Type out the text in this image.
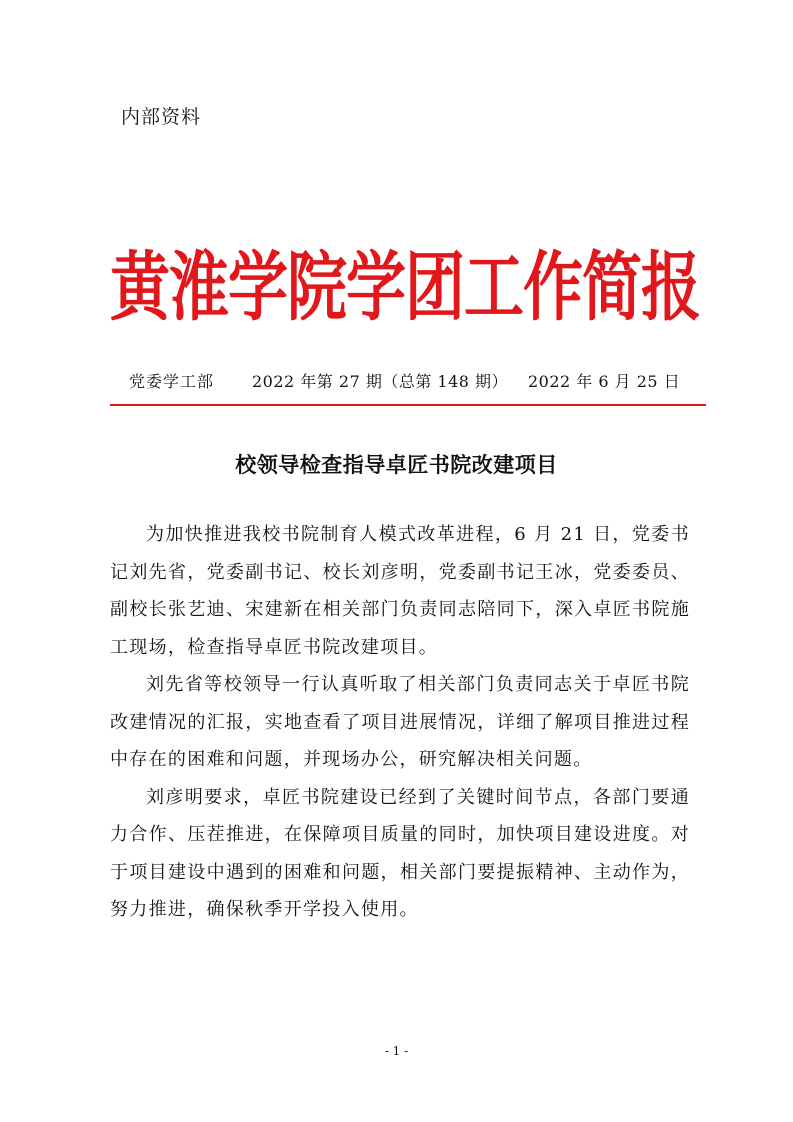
内部资料
黄淮学院学团工作简报
党委学工部 2022 年第 27 期（总第 148 期） 2022 年 6 月 25 日
校领导检查指导卓匠书院改建项目

为加快推进我校书院制育人模式改革进程，6 月 21 日，党委书记刘先省，党委副书记、校长刘彦明，党委副书记王冰，党委委员、副校长张艺迪、宋建新在相关部门负责同志陪同下，深入卓匠书院施工现场，检查指导卓匠书院改建项目。

刘先省等校领导一行认真听取了相关部门负责同志关于卓匠书院改建情况的汇报，实地查看了项目进展情况，详细了解项目推进过程中存在的困难和问题，并现场办公，研究解决相关问题。

刘彦明要求，卓匠书院建设已经到了关键时间节点，各部门要通力合作、压茬推进，在保障项目质量的同时，加快项目建设进度。对于项目建设中遇到的困难和问题，相关部门要提振精神、主动作为，努力推进，确保秋季开学投入使用。

- 1 -
